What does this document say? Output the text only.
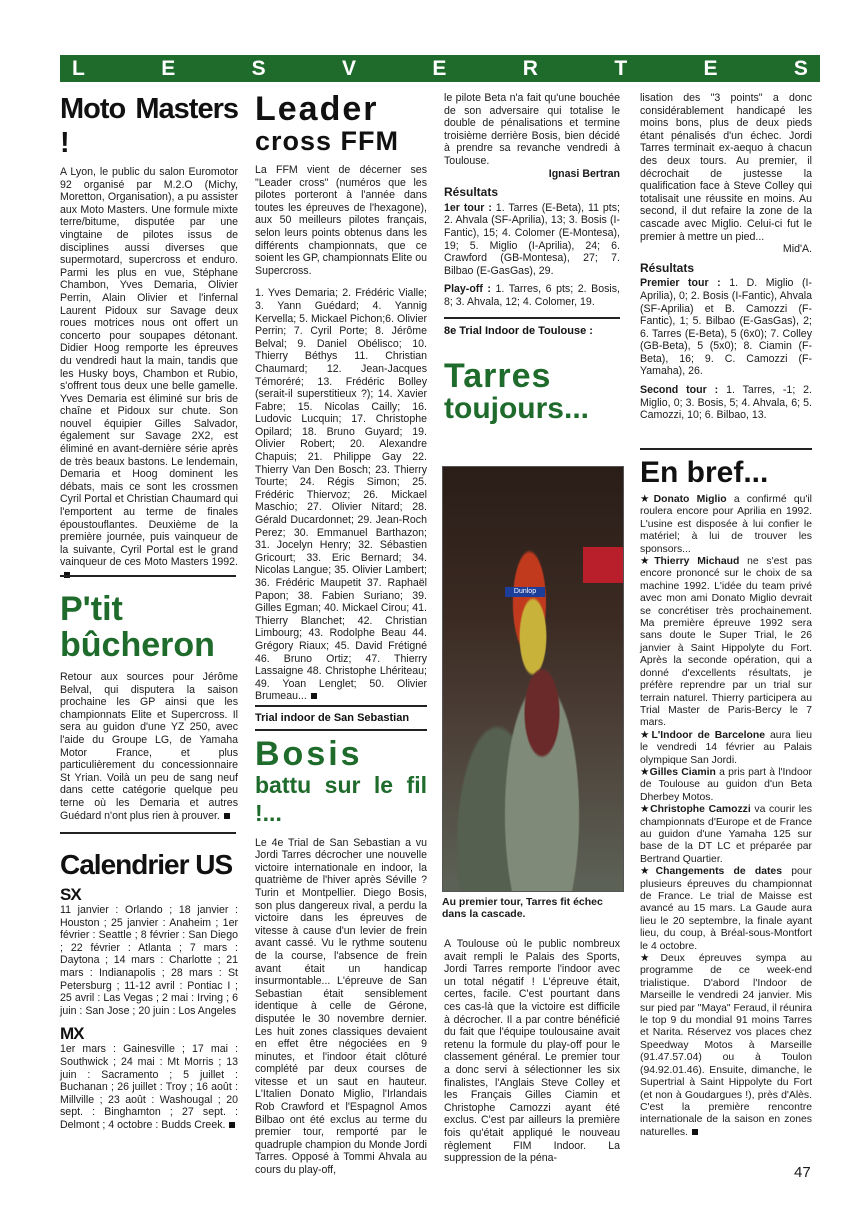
L	E	S	V	E	R	T	E	S
Moto Masters !

A Lyon, le public du salon Euromotor 92 organisé par M.2.O (Michy, Moretton, Organisation), a pu assister aux Moto Masters. Une formule mixte terre/bitume, disputée par une vingtaine de pilotes issus de disciplines aussi diverses que supermotard, supercross et enduro. Parmi les plus en vue, Stéphane Chambon, Yves Demaria, Olivier Perrin, Alain Olivier et l'infernal Laurent Pidoux sur Savage deux roues motrices nous ont offert un concerto pour soupapes détonant. Didier Hoog remporte les épreuves du vendredi haut la main, tandis que les Husky boys, Chambon et Rubio, s'offrent tous deux une belle gamelle. Yves Demaria est éliminé sur bris de chaîne et Pidoux sur chute. Son nouvel équipier Gilles Salvador, également sur Savage 2X2, est éliminé en avant-dernière série après de très beaux bastons. Le lendemain, Demaria et Hoog dominent les débats, mais ce sont les crossmen Cyril Portal et Christian Chaumard qui l'emportent au terme de finales époustouflantes. Deuxième de la première journée, puis vainqueur de la suivante, Cyril Portal est le grand vainqueur de ces Moto Masters 1992.

P'tit
bûcheron

Retour aux sources pour Jérôme Belval, qui disputera la saison prochaine les GP ainsi que les championnats Elite et Supercross. Il sera au guidon d'une YZ 250, avec l'aide du Groupe LG, de Yamaha Motor France, et plus particulièrement du concessionnaire St Yrian. Voilà un peu de sang neuf dans cette catégorie quelque peu terne où les Demaria et autres Guédard n'ont plus rien à prouver.

Calendrier US
SX

11 janvier : Orlando ; 18 janvier : Houston ; 25 janvier : Anaheim ; 1er février : Seattle ; 8 février : San Diego ; 22 février : Atlanta ; 7 mars : Daytona ; 14 mars : Charlotte ; 21 mars : Indianapolis ; 28 mars : St Petersburg ; 11-12 avril : Pontiac I ; 25 avril : Las Vegas ; 2 mai : Irving ; 6 juin : San Jose ; 20 juin : Los Angeles

MX

1er mars : Gainesville ; 17 mai : Southwick ; 24 mai : Mt Morris ; 13 juin : Sacramento ; 5 juillet : Buchanan ; 26 juillet : Troy ; 16 août : Millville ; 23 août : Washougal ; 20 sept. : Binghamton ; 27 sept. : Delmont ; 4 octobre : Budds Creek.

Leader
cross FFM

La FFM vient de décerner ses "Leader cross" (numéros que les pilotes porteront à l'année dans toutes les épreuves de l'hexagone), aux 50 meilleurs pilotes français, selon leurs points obtenus dans les différents championnats, que ce soient les GP, championnats Elite ou Supercross.

1. Yves Demaria; 2. Frédéric Vialle; 3. Yann Guédard; 4. Yannig Kervella; 5. Mickael Pichon;6. Olivier Perrin; 7. Cyril Porte; 8. Jérôme Belval; 9. Daniel Obélisco; 10. Thierry Béthys 11. Christian Chaumard; 12. Jean-Jacques Témoréré; 13. Frédéric Bolley (serait-il superstitieux ?); 14. Xavier Fabre; 15. Nicolas Cailly; 16. Ludovic Lucquin; 17. Christophe Opilard; 18. Bruno Guyard; 19. Olivier Robert; 20. Alexandre Chapuis; 21. Philippe Gay 22. Thierry Van Den Bosch; 23. Thierry Tourte; 24. Régis Simon; 25. Frédéric Thiervoz; 26. Mickael Maschio; 27. Olivier Nitard; 28. Gérald Ducardonnet; 29. Jean-Roch Perez; 30. Emmanuel Barthazon; 31. Jocelyn Henry; 32. Sébastien Gricourt; 33. Eric Bernard; 34. Nicolas Langue; 35. Olivier Lambert; 36. Frédéric Maupetit 37. Raphaël Papon; 38. Fabien Suriano; 39. Gilles Egman; 40. Mickael Cirou; 41. Thierry Blanchet; 42. Christian Limbourg; 43. Rodolphe Beau 44. Grégory Riaux; 45. David Frétigné 46. Bruno Ortiz; 47. Thierry Lassaigne 48. Christophe Lhériteau; 49. Yoan Lenglet; 50. Olivier Brumeau...

Trial indoor de San Sebastian
Bosis
battu sur le fil !...

Le 4e Trial de San Sebastian a vu Jordi Tarres décrocher une nouvelle victoire internationale en indoor, la quatrième de l'hiver après Séville ? Turin et Montpellier. Diego Bosis, son plus dangereux rival, a perdu la victoire dans les épreuves de vitesse à cause d'un levier de frein avant cassé. Vu le rythme soutenu de la course, l'absence de frein avant était un handicap insurmontable... L'épreuve de San Sebastian était sensiblement identique à celle de Gérone, disputée le 30 novembre dernier. Les huit zones classiques devaient en effet être négociées en 9 minutes, et l'indoor était clôturé complété par deux courses de vitesse et un saut en hauteur. L'Italien Donato Miglio, l'Irlandais Rob Crawford et l'Espagnol Amos Bilbao ont été exclus au terme du premier tour, remporté par le quadruple champion du Monde Jordi Tarres. Opposé à Tommi Ahvala au cours du play-off,

le pilote Beta n'a fait qu'une bouchée de son adversaire qui totalise le double de pénalisations et termine troisième derrière Bosis, bien décidé à prendre sa revanche vendredi à Toulouse.

Ignasi Bertran

Résultats

1er tour : 1. Tarres (E-Beta), 11 pts; 2. Ahvala (SF-Aprilia), 13; 3. Bosis (I-Fantic), 15; 4. Colomer (E-Montesa), 19; 5. Miglio (I-Aprilia), 24; 6. Crawford (GB-Montesa), 27; 7. Bilbao (E-GasGas), 29.

Play-off : 1. Tarres, 6 pts; 2. Bosis, 8; 3. Ahvala, 12; 4. Colomer, 19.

8e Trial Indoor de Toulouse :
Tarres
toujours...
Dunlop
Au premier tour, Tarres fit échec dans la cascade.

A Toulouse où le public nombreux avait rempli le Palais des Sports, Jordi Tarres remporte l'indoor avec un total négatif ! L'épreuve était, certes, facile. C'est pourtant dans ces cas-là que la victoire est difficile à décrocher. Il a par contre bénéficié du fait que l'équipe toulousaine avait retenu la formule du play-off pour le classement général. Le premier tour a donc servi à sélectionner les six finalistes, l'Anglais Steve Colley et les Français Gilles Ciamin et Christophe Camozzi ayant été exclus. C'est par ailleurs la première fois qu'était appliqué le nouveau règlement FIM Indoor. La suppression de la péna-

lisation des "3 points" a donc considérablement handicapé les moins bons, plus de deux pieds étant pénalisés d'un échec. Jordi Tarres terminait ex-aequo à chacun des deux tours. Au premier, il décrochait de justesse la qualification face à Steve Colley qui totalisait une réussite en moins. Au second, il dut refaire la zone de la cascade avec Miglio. Celui-ci fut le premier à mettre un pied...

Mid'A.

Résultats

Premier tour : 1. D. Miglio (I-Aprilia), 0; 2. Bosis (I-Fantic), Ahvala (SF-Aprilia) et B. Camozzi (F-Fantic), 1; 5. Bilbao (E-GasGas), 2; 6. Tarres (E-Beta), 5 (6x0); 7. Colley (GB-Beta), 5 (5x0); 8. Ciamin (F-Beta), 16; 9. C. Camozzi (F-Yamaha), 26.

Second tour : 1. Tarres, -1; 2. Miglio, 0; 3. Bosis, 5; 4. Ahvala, 6; 5. Camozzi, 10; 6. Bilbao, 13.

En bref...

★Donato Miglio a confirmé qu'il roulera encore pour Aprilia en 1992. L'usine est disposée à lui confier le matériel; à lui de trouver les sponsors...

★Thierry Michaud ne s'est pas encore prononcé sur le choix de sa machine 1992. L'idée du team privé avec mon ami Donato Miglio devrait se concrétiser très prochainement. Ma première épreuve 1992 sera sans doute le Super Trial, le 26 janvier à Saint Hippolyte du Fort. Après la seconde opération, qui a donné d'excellents résultats, je préfère reprendre par un trial sur terrain naturel. Thierry participera au Trial Master de Paris-Bercy le 7 mars.

★L'Indoor de Barcelone aura lieu le vendredi 14 février au Palais olympique San Jordi.

★Gilles Ciamin a pris part à l'Indoor de Toulouse au guidon d'un Beta Dherbey Motos.

★Christophe Camozzi va courir les championnats d'Europe et de France au guidon d'une Yamaha 125 sur base de la DT LC et préparée par Bertrand Quartier.

★Changements de dates pour plusieurs épreuves du championnat de France. Le trial de Maisse est avancé au 15 mars. La Gaude aura lieu le 20 septembre, la finale ayant lieu, du coup, à Bréal-sous-Montfort le 4 octobre.

★Deux épreuves sympa au programme de ce week-end trialistique. D'abord l'Indoor de Marseille le vendredi 24 janvier. Mis sur pied par "Maya" Feraud, il réunira le top 9 du mondial 91 moins Tarres et Narita. Réservez vos places chez Speedway Motos à Marseille (91.47.57.04) ou à Toulon (94.92.01.46). Ensuite, dimanche, le Supertrial à Saint Hippolyte du Fort (et non à Goudargues !), près d'Alès. C'est la première rencontre internationale de la saison en zones naturelles.

47
